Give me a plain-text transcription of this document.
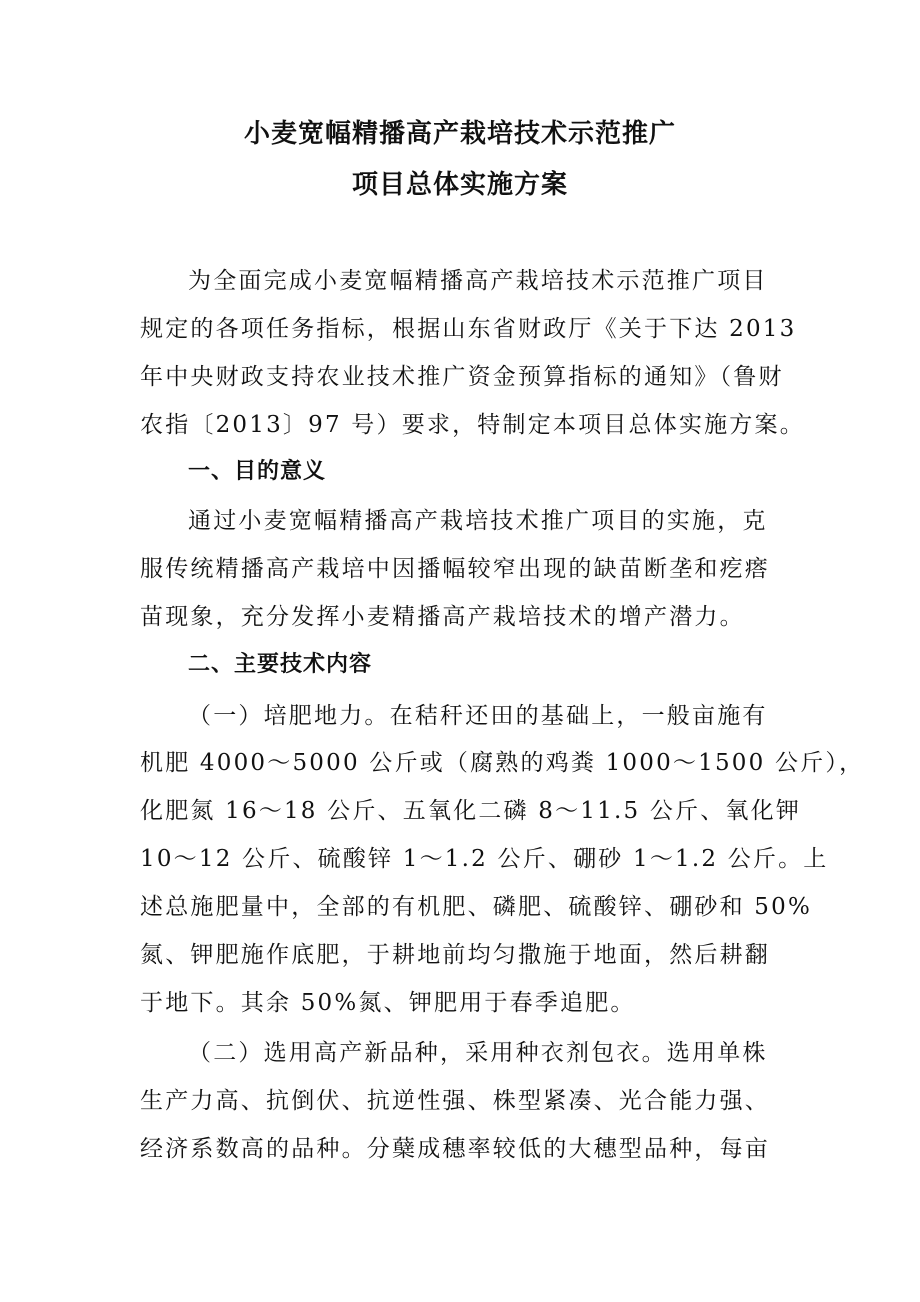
小麦宽幅精播高产栽培技术示范推广
项目总体实施方案
为全面完成小麦宽幅精播高产栽培技术示范推广项目
规定的各项任务指标，根据山东省财政厅《关于下达 2013
年中央财政支持农业技术推广资金预算指标的通知》（鲁财
农指〔2013〕97 号）要求，特制定本项目总体实施方案。
一、目的意义
通过小麦宽幅精播高产栽培技术推广项目的实施，克
服传统精播高产栽培中因播幅较窄出现的缺苗断垄和疙瘩
苗现象，充分发挥小麦精播高产栽培技术的增产潜力。
二、主要技术内容
（一）培肥地力。在秸秆还田的基础上，一般亩施有
机肥 4000～5000 公斤或（腐熟的鸡粪 1000～1500 公斤），
化肥氮 16～18 公斤、五氧化二磷 8～11.5 公斤、氧化钾
10～12 公斤、硫酸锌 1～1.2 公斤、硼砂 1～1.2 公斤。上
述总施肥量中，全部的有机肥、磷肥、硫酸锌、硼砂和 50%
氮、钾肥施作底肥，于耕地前均匀撒施于地面，然后耕翻
于地下。其余 50%氮、钾肥用于春季追肥。
（二）选用高产新品种，采用种衣剂包衣。选用单株
生产力高、抗倒伏、抗逆性强、株型紧凑、光合能力强、
经济系数高的品种。分蘖成穗率较低的大穗型品种，每亩
